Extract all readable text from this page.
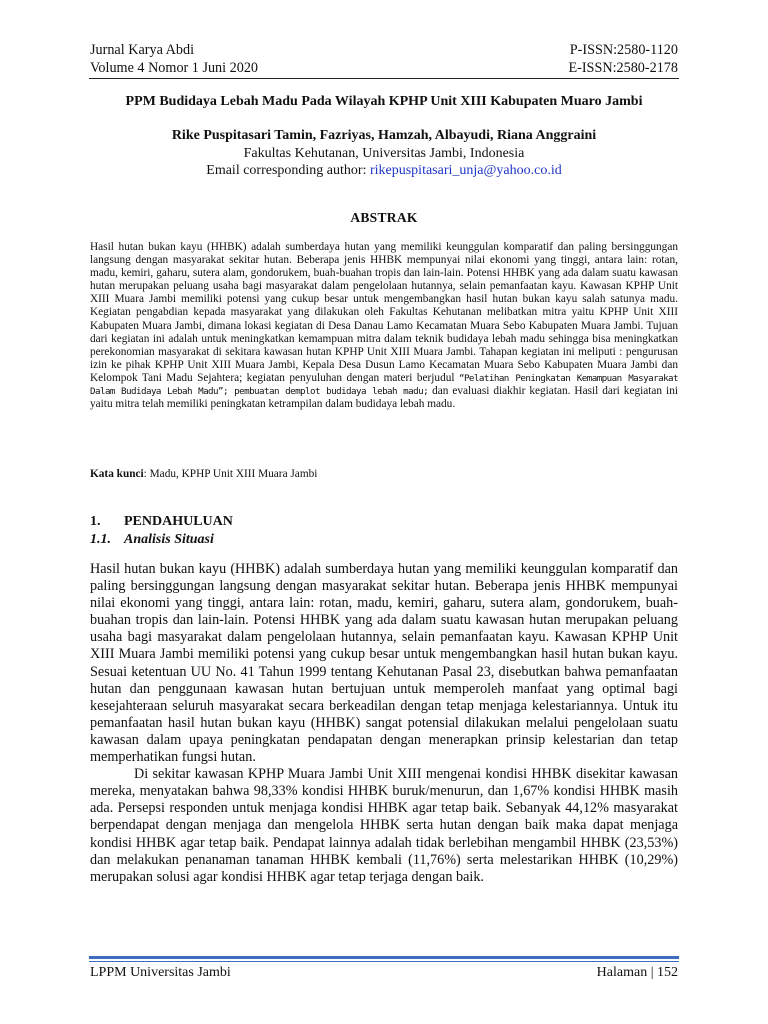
Jurnal Karya Abdi	P-ISSN:2580-1120
Volume 4 Nomor 1 Juni 2020	E-ISSN:2580-2178
PPM Budidaya Lebah Madu Pada Wilayah KPHP Unit XIII Kabupaten Muaro Jambi
Rike Puspitasari Tamin, Fazriyas, Hamzah, Albayudi, Riana Anggraini
Fakultas Kehutanan, Universitas Jambi, Indonesia
Email corresponding author: rikepuspitasari_unja@yahoo.co.id
ABSTRAK
Hasil hutan bukan kayu (HHBK) adalah sumberdaya hutan yang memiliki keunggulan komparatif dan paling bersinggungan langsung dengan masyarakat sekitar hutan. Beberapa jenis HHBK mempunyai nilai ekonomi yang tinggi, antara lain: rotan, madu, kemiri, gaharu, sutera alam, gondorukem, buah-buahan tropis dan lain-lain. Potensi HHBK yang ada dalam suatu kawasan hutan merupakan peluang usaha bagi masyarakat dalam pengelolaan hutannya, selain pemanfaatan kayu. Kawasan KPHP Unit XIII Muara Jambi memiliki potensi yang cukup besar untuk mengembangkan hasil hutan bukan kayu salah satunya madu. Kegiatan pengabdian kepada masyarakat yang dilakukan oleh Fakultas Kehutanan melibatkan mitra yaitu KPHP Unit XIII Kabupaten Muara Jambi, dimana lokasi kegiatan di Desa Danau Lamo Kecamatan Muara Sebo Kabupaten Muara Jambi. Tujuan dari kegiatan ini adalah untuk meningkatkan kemampuan mitra dalam teknik budidaya lebah madu sehingga bisa meningkatkan perekonomian masyarakat di sekitara kawasan hutan KPHP Unit XIII Muara Jambi. Tahapan kegiatan ini meliputi : pengurusan izin ke pihak KPHP Unit XIII Muara Jambi, Kepala Desa Dusun Lamo Kecamatan Muara Sebo Kabupaten Muara Jambi dan Kelompok Tani Madu Sejahtera; kegiatan penyuluhan dengan materi berjudul “Pelatihan Peningkatan Kemampuan Masyarakat Dalam Budidaya Lebah Madu”; pembuatan demplot budidaya lebah madu; dan evaluasi diakhir kegiatan. Hasil dari kegiatan ini yaitu mitra telah memiliki peningkatan ketrampilan dalam budidaya lebah madu.
Kata kunci: Madu, KPHP Unit XIII Muara Jambi
1. PENDAHULUAN
1.1. Analisis Situasi

Hasil hutan bukan kayu (HHBK) adalah sumberdaya hutan yang memiliki keunggulan komparatif dan paling bersinggungan langsung dengan masyarakat sekitar hutan. Beberapa jenis HHBK mempunyai nilai ekonomi yang tinggi, antara lain: rotan, madu, kemiri, gaharu, sutera alam, gondorukem, buah-buahan tropis dan lain-lain. Potensi HHBK yang ada dalam suatu kawasan hutan merupakan peluang usaha bagi masyarakat dalam pengelolaan hutannya, selain pemanfaatan kayu. Kawasan KPHP Unit XIII Muara Jambi memiliki potensi yang cukup besar untuk mengembangkan hasil hutan bukan kayu. Sesuai ketentuan UU No. 41 Tahun 1999 tentang Kehutanan Pasal 23, disebutkan bahwa pemanfaatan hutan dan penggunaan kawasan hutan bertujuan untuk memperoleh manfaat yang optimal bagi kesejahteraan seluruh masyarakat secara berkeadilan dengan tetap menjaga kelestariannya. Untuk itu pemanfaatan hasil hutan bukan kayu (HHBK) sangat potensial dilakukan melalui pengelolaan suatu kawasan dalam upaya peningkatan pendapatan dengan menerapkan prinsip kelestarian dan tetap memperhatikan fungsi hutan.

Di sekitar kawasan KPHP Muara Jambi Unit XIII mengenai kondisi HHBK disekitar kawasan mereka, menyatakan bahwa 98,33% kondisi HHBK buruk/menurun, dan 1,67% kondisi HHBK masih ada. Persepsi responden untuk menjaga kondisi HHBK agar tetap baik. Sebanyak 44,12% masyarakat berpendapat dengan menjaga dan mengelola HHBK serta hutan dengan baik maka dapat menjaga kondisi HHBK agar tetap baik. Pendapat lainnya adalah tidak berlebihan mengambil HHBK (23,53%) dan melakukan penanaman tanaman HHBK kembali (11,76%) serta melestarikan HHBK (10,29%) merupakan solusi agar kondisi HHBK agar tetap terjaga dengan baik.

LPPM Universitas Jambi	Halaman | 152
